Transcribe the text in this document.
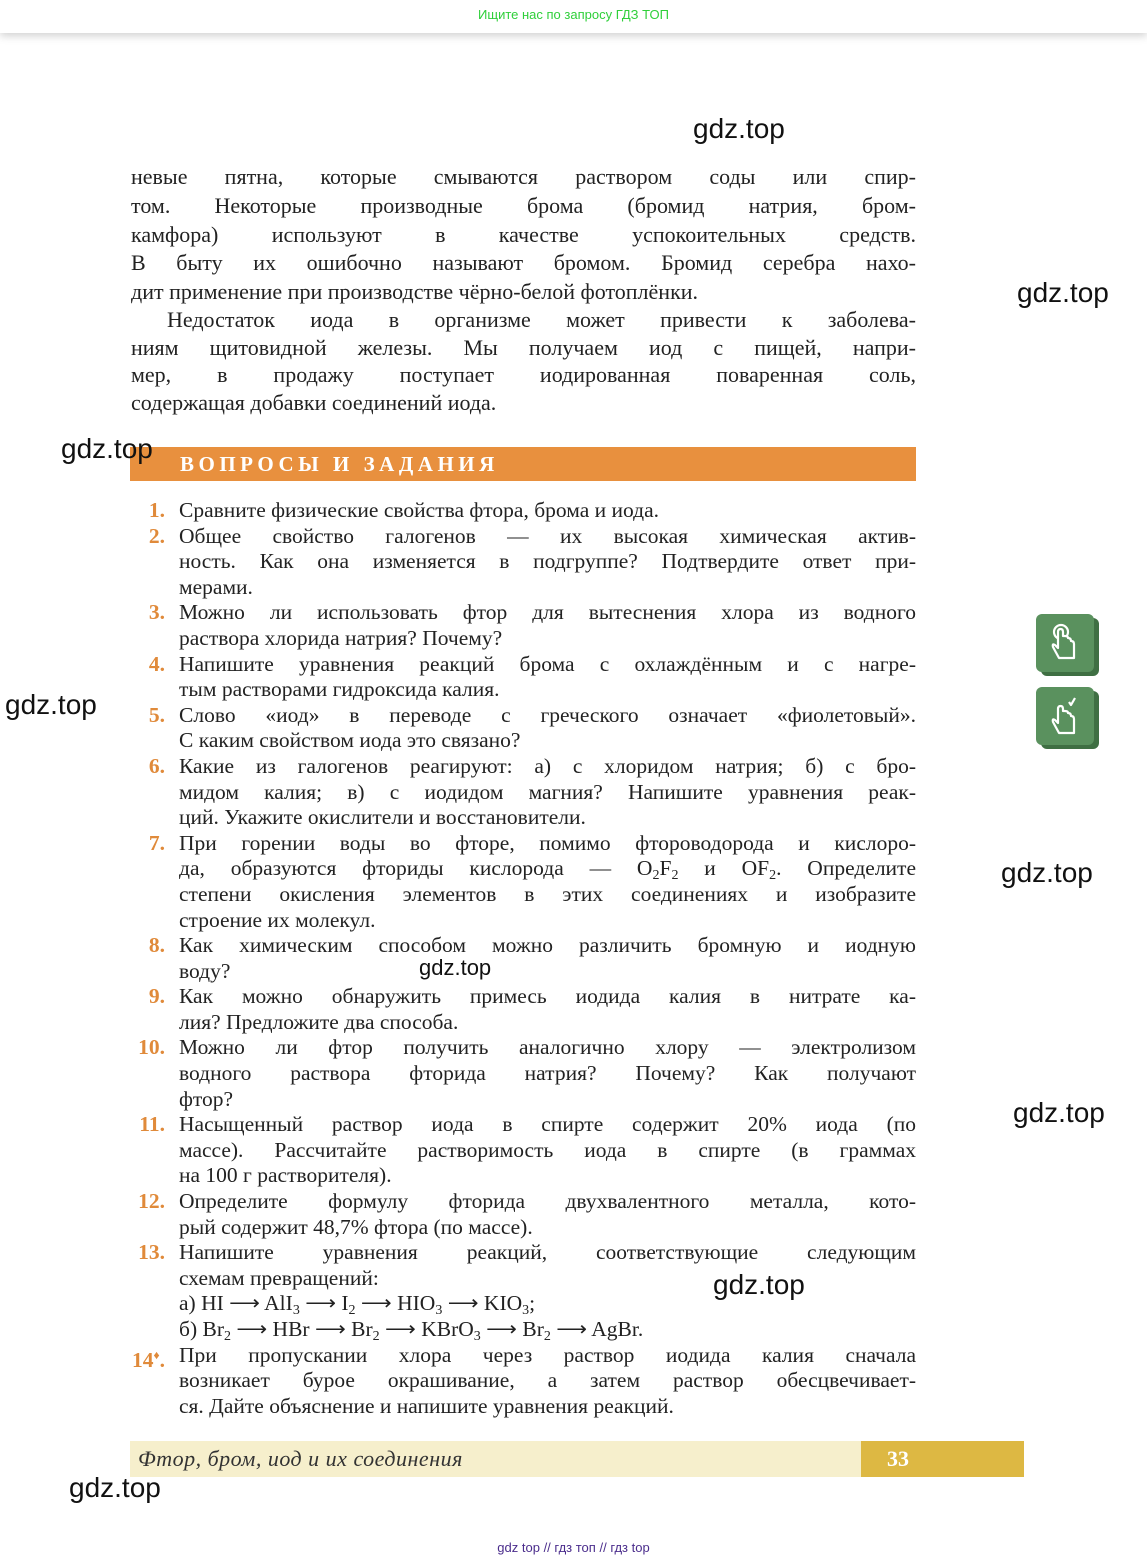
Ищите нас по запросу ГДЗ ТОП
невые пятна, которые смываются раствором соды или спир-
том. Некоторые производные брома (бромид натрия, бром-
камфора) используют в качестве успокоительных средств.
В быту их ошибочно называют бромом. Бромид серебра нахо-
дит применение при производстве чёрно-белой фотоплёнки.
Недостаток иода в организме может привести к заболева-
ниям щитовидной железы. Мы получаем иод с пищей, напри-
мер, в продажу поступает иодированная поваренная соль,
содержащая добавки соединений иода.
ВОПРОСЫ И ЗАДАНИЯ
1. Сравните физические свойства фтора, брома и иода.
2. Общее свойство галогенов — их высокая химическая актив-
ность. Как она изменяется в подгруппе? Подтвердите ответ при-
мерами.
3. Можно ли использовать фтор для вытеснения хлора из водного
раствора хлорида натрия? Почему?
4. Напишите уравнения реакций брома с охлаждённым и с нагре-
тым растворами гидроксида калия.
5. Слово «иод» в переводе с греческого означает «фиолетовый».
С каким свойством иода это связано?
6. Какие из галогенов реагируют: а) с хлоридом натрия; б) с бро-
мидом калия; в) с иодидом магния? Напишите уравнения реак-
ций. Укажите окислители и восстановители.
7. При горении воды во фторе, помимо фтороводорода и кислоро-
да, образуются фториды кислорода — $O_2F_2$ и $OF_2$. Определите
степени окисления элементов в этих соединениях и изобразите
строение их молекул.
8. Как химическим способом можно различить бромную и иодную
воду?
9. Как можно обнаружить примесь иодида калия в нитрате ка-
лия? Предложите два способа.
10. Можно ли фтор получить аналогично хлору — электролизом
водного раствора фторида натрия? Почему? Как получают
фтор?
11. Насыщенный раствор иода в спирте содержит 20% иода (по
массе). Рассчитайте растворимость иода в спирте (в граммах
на 100 г растворителя).
12. Определите формулу фторида двухвалентного металла, кото-
рый содержит 48,7% фтора (по массе).
13. Напишите уравнения реакций, соответствующие следующим
схемам превращений:
а) HI ⟶ AlI$_3$ ⟶ $I_2$ ⟶ $HIO_3$ ⟶ $KIO_3$;
б) $Br_2$ ⟶ HBr ⟶ $Br_2$ ⟶ KBrO$_3$ ⟶ $Br_2$ ⟶ AgBr.
14♦. При пропускании хлора через раствор иодида калия сначала
возникает бурое окрашивание, а затем раствор обесцвечивает-
ся. Дайте объяснение и напишите уравнения реакций.
Фтор, бром, иод и их соединения	33
gdz.top
gdz.top
gdz.top
gdz.top
gdz.top
gdz.top
gdz.top
gdz.top
gdz.top
gdz top // гдз топ // гдз top
